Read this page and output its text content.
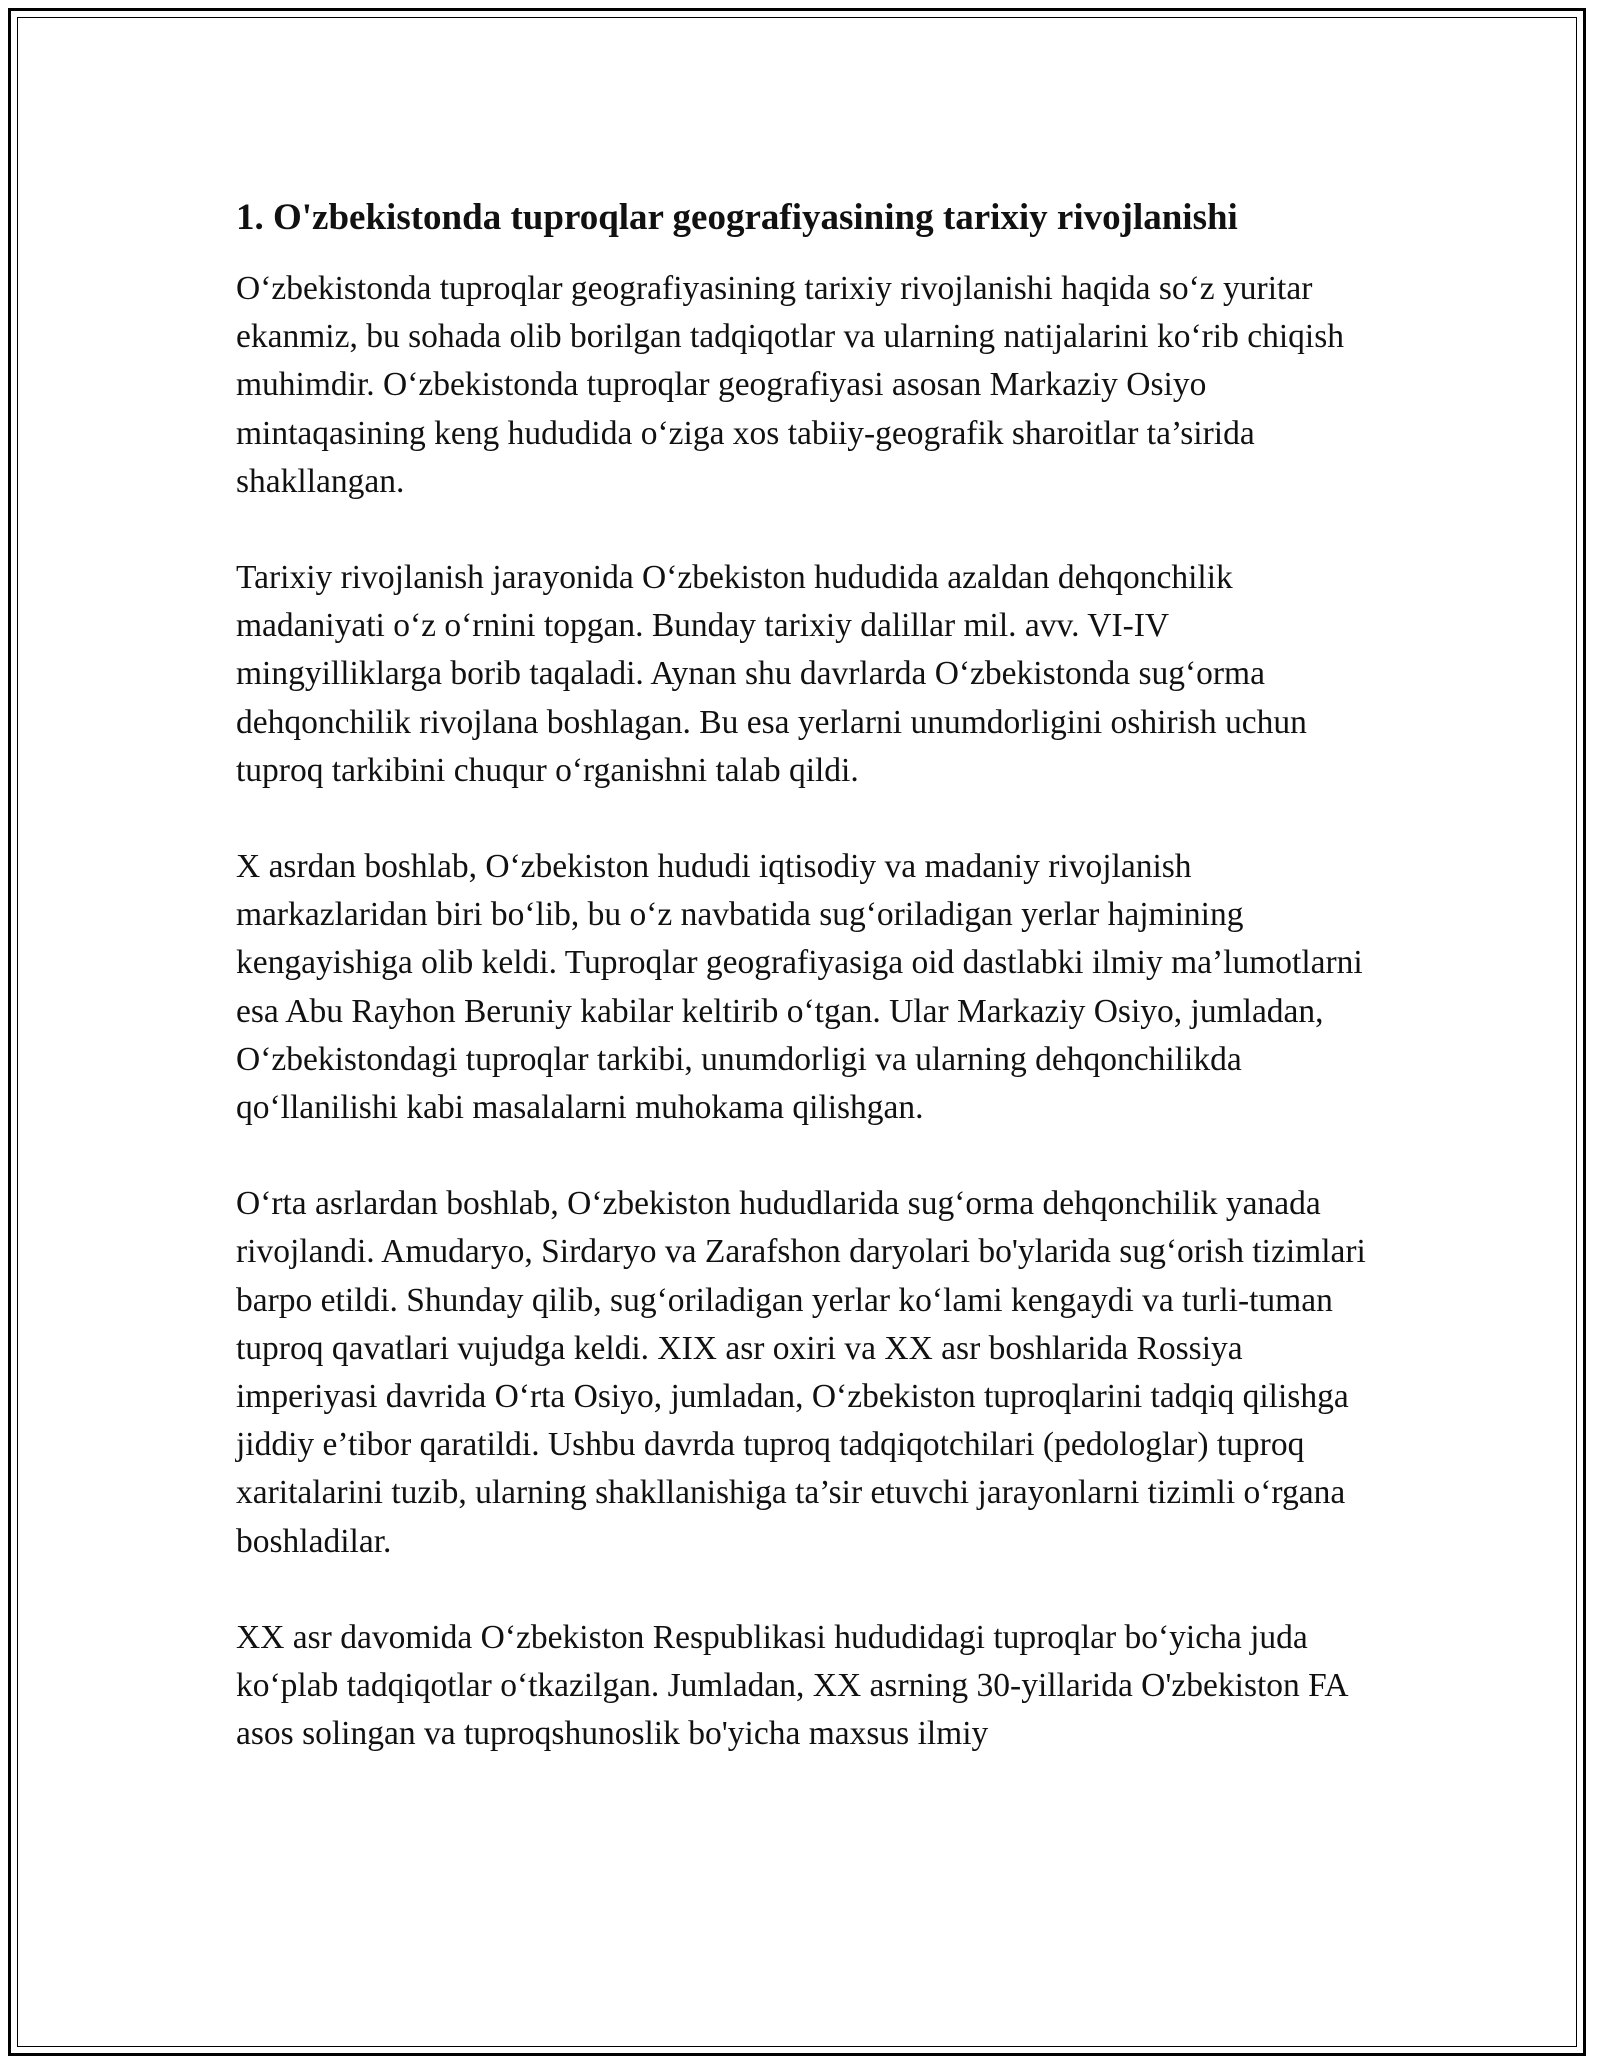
1. O'zbekistonda tuproqlar geografiyasining tarixiy rivojlanishi

O‘zbekistonda tuproqlar geografiyasining tarixiy rivojlanishi haqida so‘z yuritar ekanmiz, bu sohada olib borilgan tadqiqotlar va ularning natijalarini ko‘rib chiqish muhimdir. O‘zbekistonda tuproqlar geografiyasi asosan Markaziy Osiyo mintaqasining keng hududida o‘ziga xos tabiiy-geografik sharoitlar ta’sirida shakllangan.

Tarixiy rivojlanish jarayonida O‘zbekiston hududida azaldan dehqonchilik madaniyati o‘z o‘rnini topgan. Bunday tarixiy dalillar mil. avv. VI-IV mingyilliklarga borib taqaladi. Aynan shu davrlarda O‘zbekistonda sug‘orma dehqonchilik rivojlana boshlagan. Bu esa yerlarni unumdorligini oshirish uchun tuproq tarkibini chuqur o‘rganishni talab qildi.

X asrdan boshlab, O‘zbekiston hududi iqtisodiy va madaniy rivojlanish markazlaridan biri bo‘lib, bu o‘z navbatida sug‘oriladigan yerlar hajmining kengayishiga olib keldi. Tuproqlar geografiyasiga oid dastlabki ilmiy ma’lumotlarni esa Abu Rayhon Beruniy kabilar keltirib o‘tgan. Ular Markaziy Osiyo, jumladan, O‘zbekistondagi tuproqlar tarkibi, unumdorligi va ularning dehqonchilikda qo‘llanilishi kabi masalalarni muhokama qilishgan.

O‘rta asrlardan boshlab, O‘zbekiston hududlarida sug‘orma dehqonchilik yanada rivojlandi. Amudaryo, Sirdaryo va Zarafshon daryolari bo'ylarida sug‘orish tizimlari barpo etildi. Shunday qilib, sug‘oriladigan yerlar ko‘lami kengaydi va turli-tuman tuproq qavatlari vujudga keldi. XIX asr oxiri va XX asr boshlarida Rossiya imperiyasi davrida O‘rta Osiyo, jumladan, O‘zbekiston tuproqlarini tadqiq qilishga jiddiy e’tibor qaratildi. Ushbu davrda tuproq tadqiqotchilari (pedologlar) tuproq xaritalarini tuzib, ularning shakllanishiga ta’sir etuvchi jarayonlarni tizimli o‘rgana boshladilar.

XX asr davomida O‘zbekiston Respublikasi hududidagi tuproqlar bo‘yicha juda ko‘plab tadqiqotlar o‘tkazilgan. Jumladan, XX asrning 30-yillarida O'zbekiston FA asos solingan va tuproqshunoslik bo'yicha maxsus ilmiy
